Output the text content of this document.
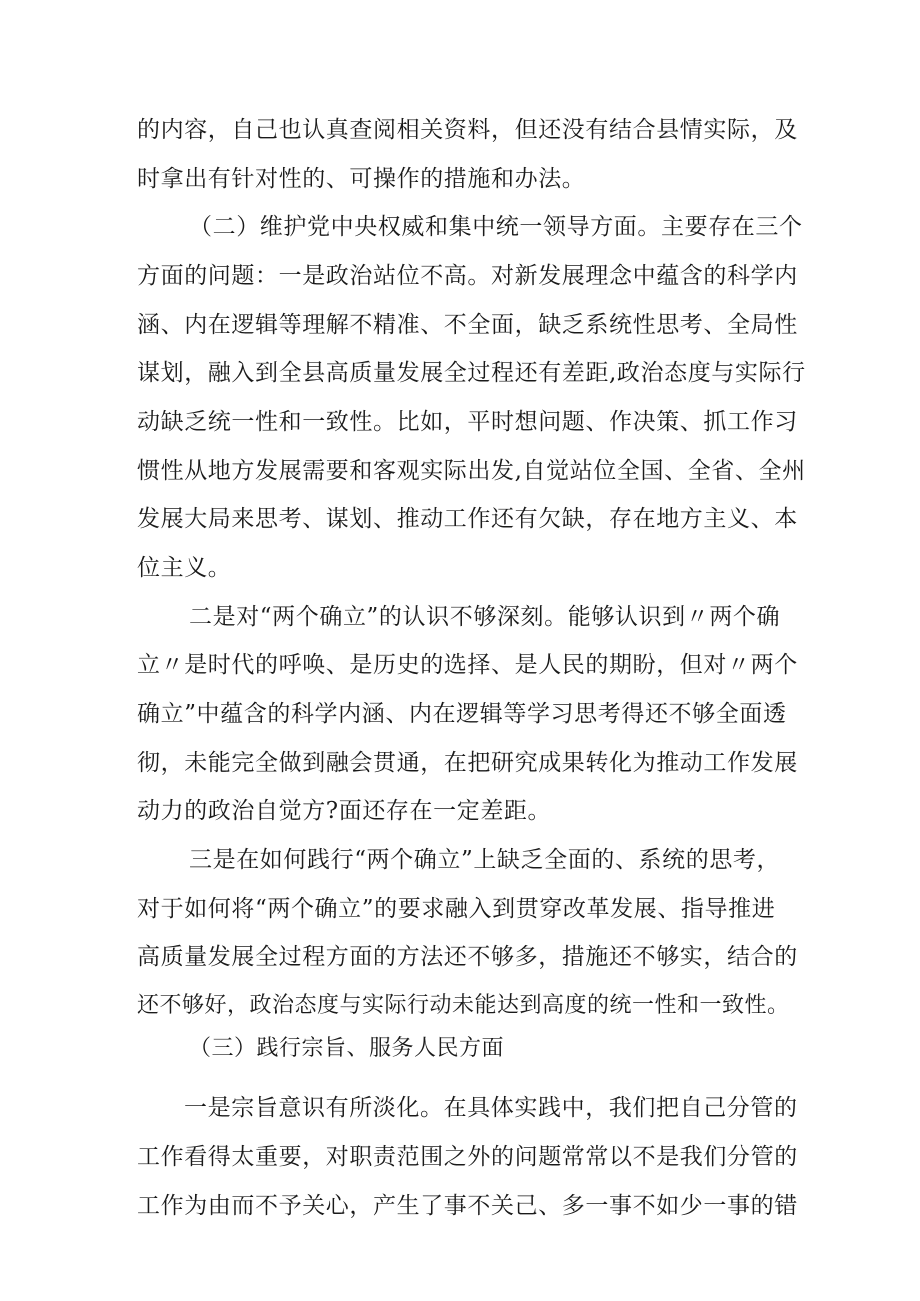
的内容，自己也认真查阅相关资料，但还没有结合县情实际，及
时拿出有针对性的、可操作的措施和办法。
（二）维护党中央权威和集中统一领导方面。主要存在三个
方面的问题：一是政治站位不高。对新发展理念中蕴含的科学内
涵、内在逻辑等理解不精准、不全面，缺乏系统性思考、全局性
谋划，融入到全县高质量发展全过程还有差距,政治态度与实际行
动缺乏统一性和一致性。比如，平时想问题、作决策、抓工作习
惯性从地方发展需要和客观实际出发,自觉站位全国、全省、全州
发展大局来思考、谋划、推动工作还有欠缺，存在地方主义、本
位主义。
二是对“两个确立”的认识不够深刻。能够认识到〃两个确
立〃是时代的呼唤、是历史的选择、是人民的期盼，但对〃两个
确立”中蕴含的科学内涵、内在逻辑等学习思考得还不够全面透
彻，未能完全做到融会贯通，在把研究成果转化为推动工作发展
动力的政治自觉方?面还存在一定差距。
三是在如何践行“两个确立”上缺乏全面的、系统的思考，
对于如何将“两个确立”的要求融入到贯穿改革发展、指导推进
高质量发展全过程方面的方法还不够多，措施还不够实，结合的
还不够好，政治态度与实际行动未能达到高度的统一性和一致性。
（三）践行宗旨、服务人民方面
一是宗旨意识有所淡化。在具体实践中，我们把自己分管的
工作看得太重要，对职责范围之外的问题常常以不是我们分管的
工作为由而不予关心，产生了事不关己、多一事不如少一事的错
